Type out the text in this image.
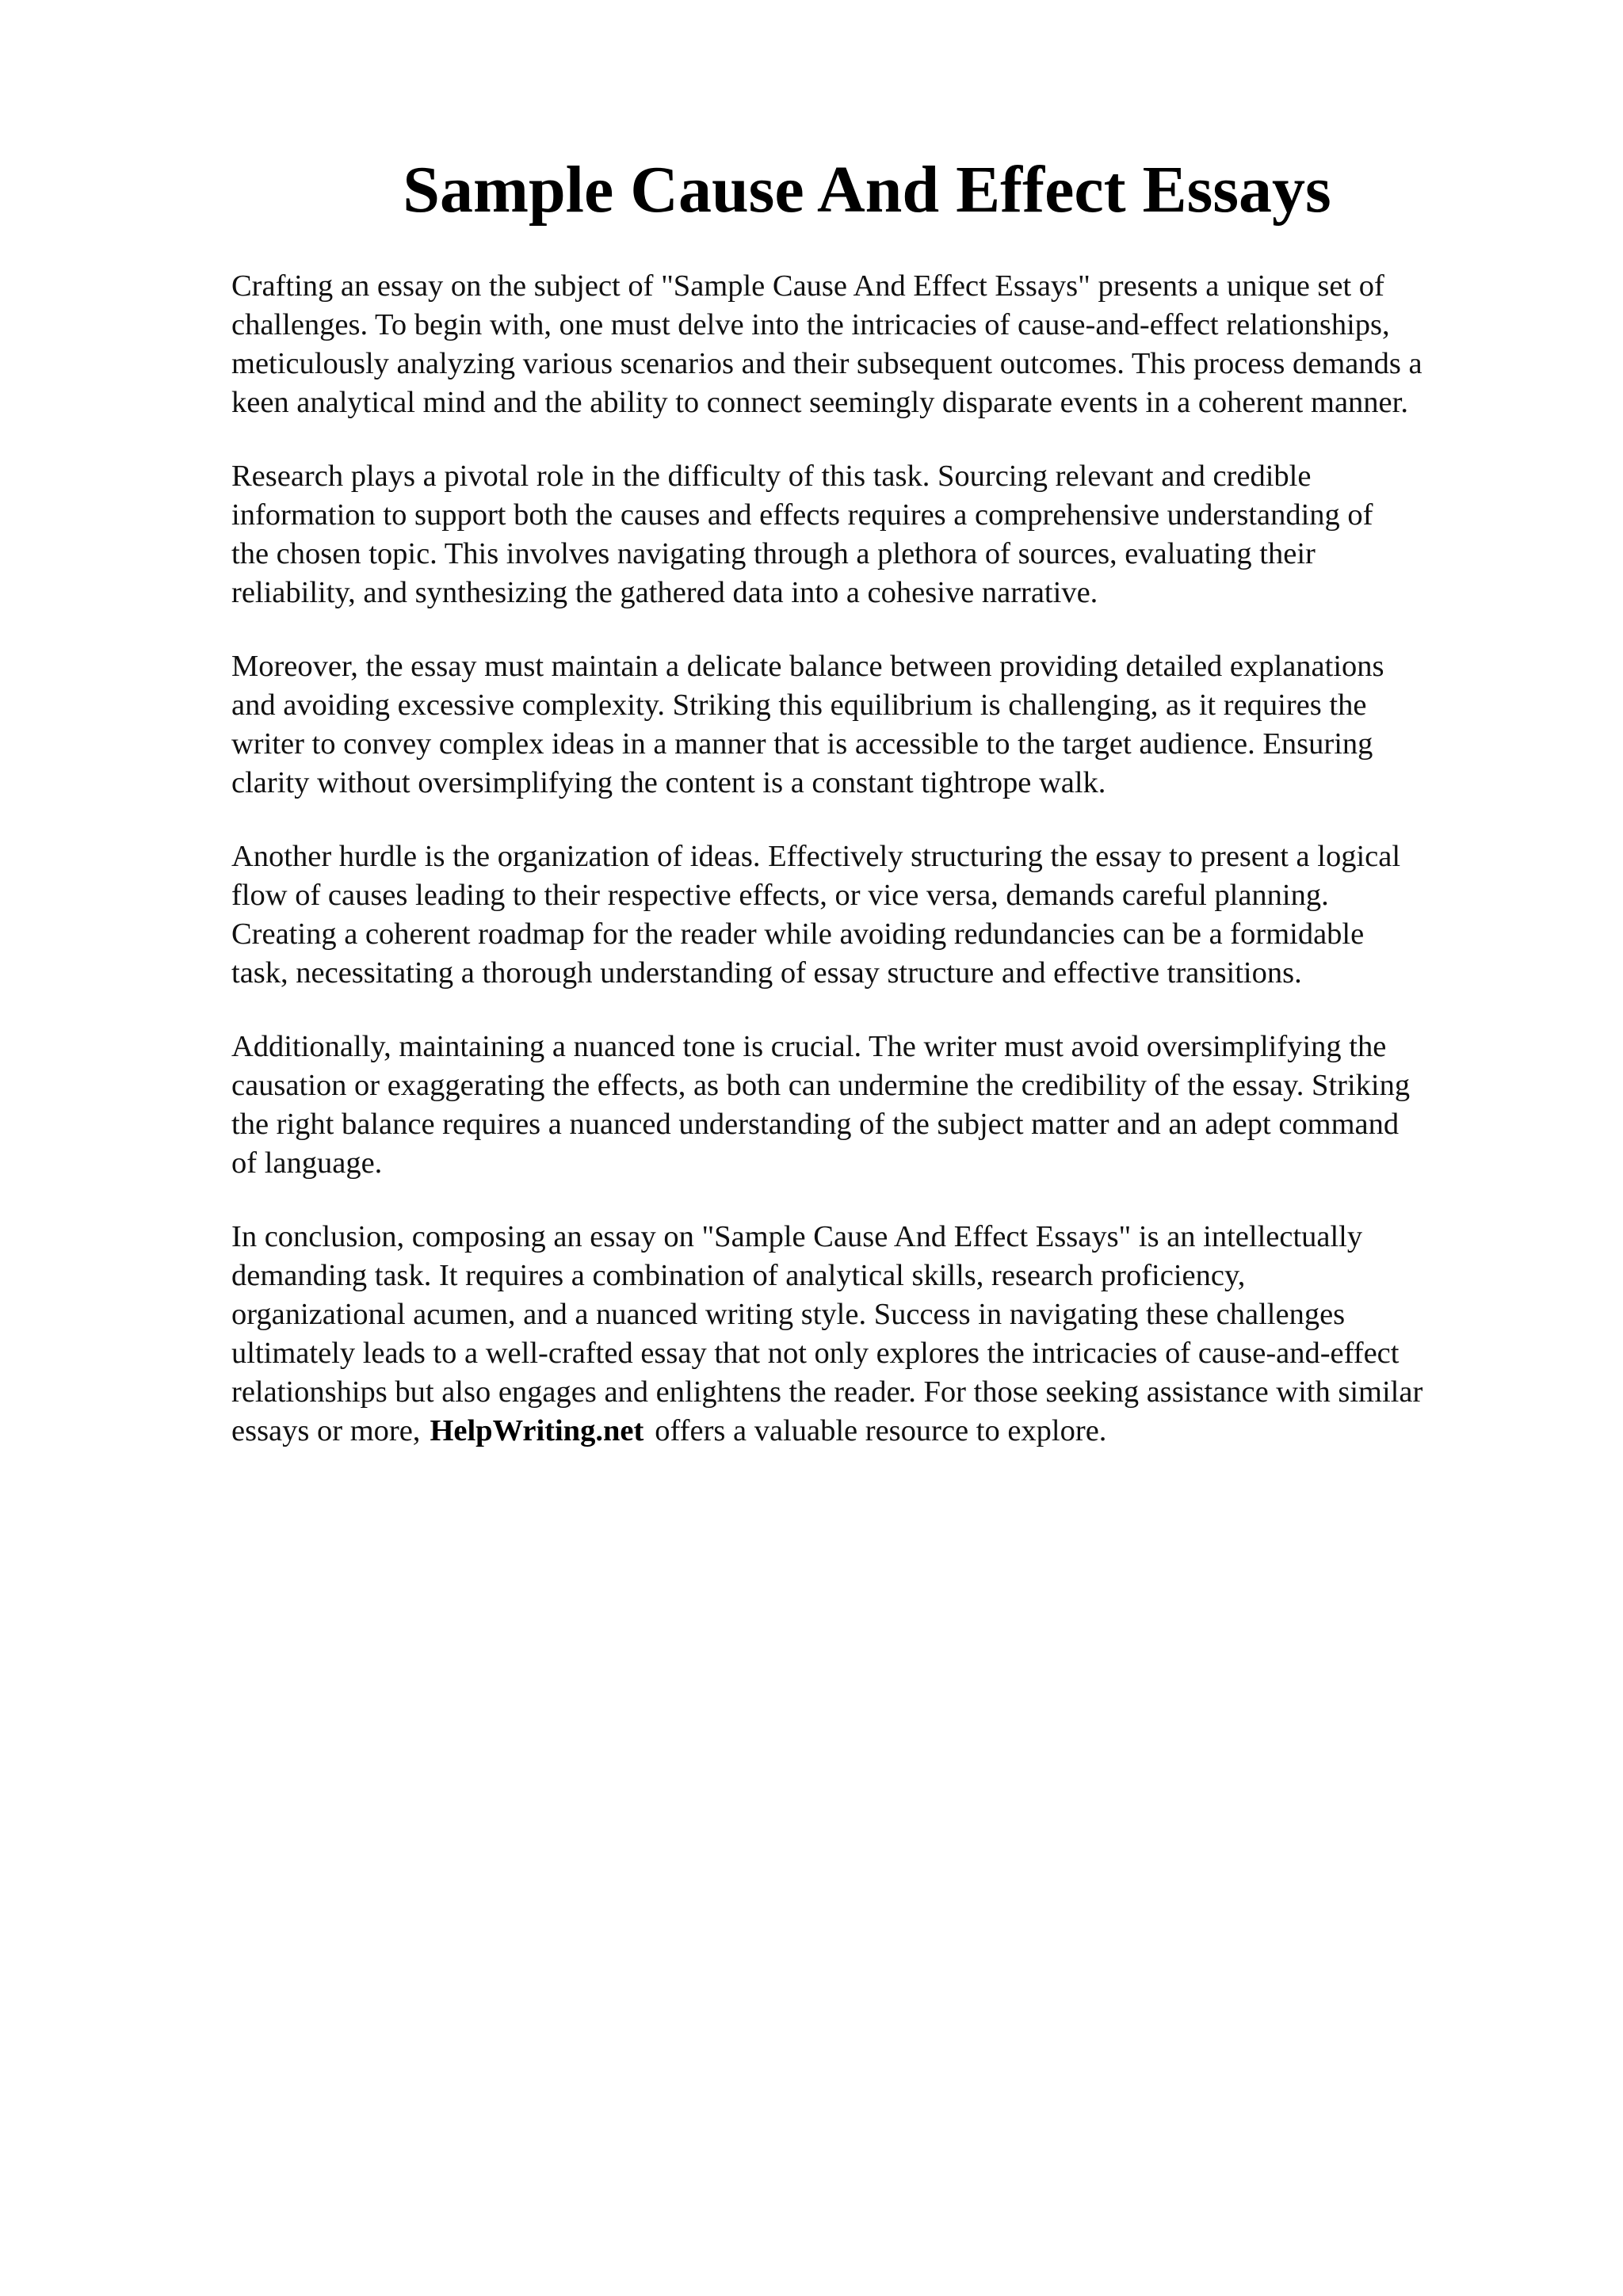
Sample Cause And Effect Essays

Crafting an essay on the subject of "Sample Cause And Effect Essays" presents a unique set of
challenges. To begin with, one must delve into the intricacies of cause-and-effect relationships,
meticulously analyzing various scenarios and their subsequent outcomes. This process demands a
keen analytical mind and the ability to connect seemingly disparate events in a coherent manner.

Research plays a pivotal role in the difficulty of this task. Sourcing relevant and credible
information to support both the causes and effects requires a comprehensive understanding of
the chosen topic. This involves navigating through a plethora of sources, evaluating their
reliability, and synthesizing the gathered data into a cohesive narrative.

Moreover, the essay must maintain a delicate balance between providing detailed explanations
and avoiding excessive complexity. Striking this equilibrium is challenging, as it requires the
writer to convey complex ideas in a manner that is accessible to the target audience. Ensuring
clarity without oversimplifying the content is a constant tightrope walk.

Another hurdle is the organization of ideas. Effectively structuring the essay to present a logical
flow of causes leading to their respective effects, or vice versa, demands careful planning.
Creating a coherent roadmap for the reader while avoiding redundancies can be a formidable
task, necessitating a thorough understanding of essay structure and effective transitions.

Additionally, maintaining a nuanced tone is crucial. The writer must avoid oversimplifying the
causation or exaggerating the effects, as both can undermine the credibility of the essay. Striking
the right balance requires a nuanced understanding of the subject matter and an adept command
of language.

In conclusion, composing an essay on "Sample Cause And Effect Essays" is an intellectually
demanding task. It requires a combination of analytical skills, research proficiency,
organizational acumen, and a nuanced writing style. Success in navigating these challenges
ultimately leads to a well-crafted essay that not only explores the intricacies of cause-and-effect
relationships but also engages and enlightens the reader. For those seeking assistance with similar
essays or more, HelpWriting.net offers a valuable resource to explore.
